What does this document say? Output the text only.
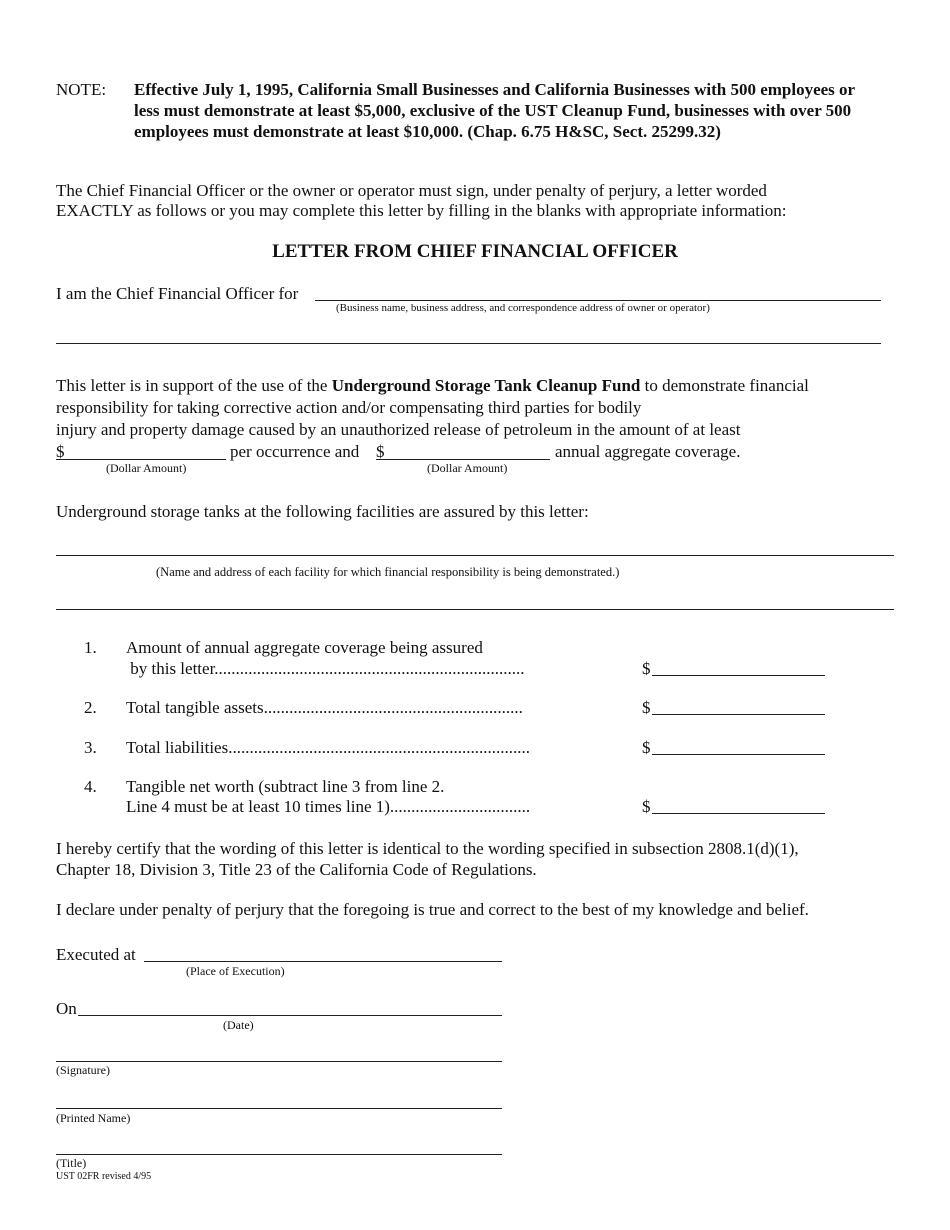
NOTE: Effective July 1, 1995, California Small Businesses and California Businesses with 500 employees or less must demonstrate at least $5,000, exclusive of the UST Cleanup Fund, businesses with over 500 employees must demonstrate at least $10,000. (Chap. 6.75 H&SC, Sect. 25299.32)
The Chief Financial Officer or the owner or operator must sign, under penalty of perjury, a letter worded
EXACTLY as follows or you may complete this letter by filling in the blanks with appropriate information:
LETTER FROM CHIEF FINANCIAL OFFICER
I am the Chief Financial Officer for
(Business name, business address, and correspondence address of owner or operator)
This letter is in support of the use of the Underground Storage Tank Cleanup Fund to demonstrate financial
responsibility for taking corrective action and/or compensating third parties for bodily
injury and property damage caused by an unauthorized release of petroleum in the amount of at least
$	per occurrence and $	annual aggregate coverage.
(Dollar Amount)	(Dollar Amount)
Underground storage tanks at the following facilities are assured by this letter:
(Name and address of each facility for which financial responsibility is being demonstrated.)
1. Amount of annual aggregate coverage being assured
by this letter.........................................................................	$
2. Total tangible assets.............................................................	$
3. Total liabilities.......................................................................	$
4. Tangible net worth (subtract line 3 from line 2.
Line 4 must be at least 10 times line 1).................................	$
I hereby certify that the wording of this letter is identical to the wording specified in subsection 2808.1(d)(1),
Chapter 18, Division 3, Title 23 of the California Code of Regulations.
I declare under penalty of perjury that the foregoing is true and correct to the best of my knowledge and belief.
Executed at
(Place of Execution)
On
(Date)
(Signature)
(Printed Name)
(Title)
UST 02FR revised 4/95
